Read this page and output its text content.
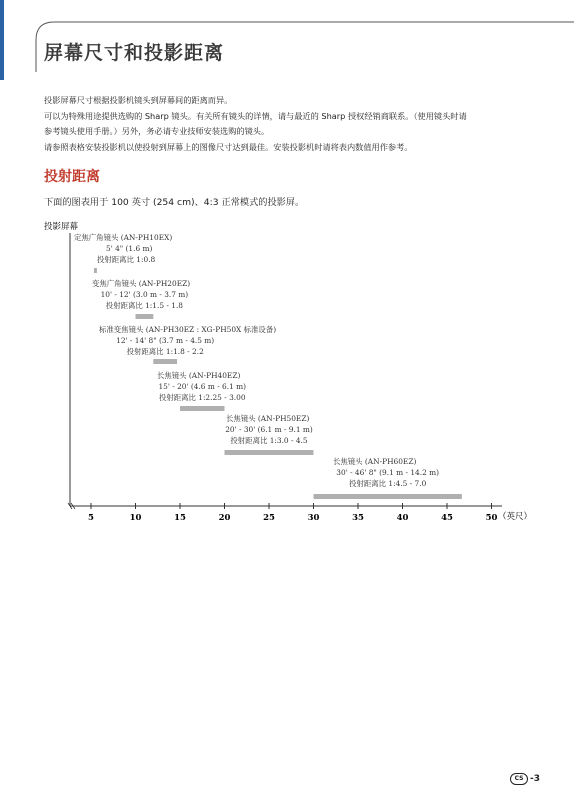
屏幕尺寸和投影距离
投影屏幕尺寸根据投影机镜头到屏幕间的距离而异。
可以为特殊用途提供选购的 Sharp 镜头。有关所有镜头的详情，请与最近的 Sharp 授权经销商联系。（使用镜头时请
参考镜头使用手册。）另外，务必请专业技师安装选购的镜头。
请参照表格安装投影机以使投射到屏幕上的图像尺寸达到最佳。安装投影机时请将表内数值用作参考。
投射距离
下面的图表用于 100 英寸 (254 cm)、4:3 正常模式的投影屏。
投影屏幕
5	10	15	20	25	30	35	40	45	50
定焦广角镜头 (AN-PH10EX)
5' 4" (1.6 m)
投射距离比 1:0.8
变焦广角镜头 (AN-PH20EZ)
10' - 12' (3.0 m - 3.7 m)
投射距离比 1:1.5 - 1.8
标准变焦镜头 (AN-PH30EZ : XG-PH50X 标准设备)
12' - 14' 8" (3.7 m - 4.5 m)
投射距离比 1:1.8 - 2.2
长焦镜头 (AN-PH40EZ)
15' - 20' (4.6 m - 6.1 m)
投射距离比 1:2.25 - 3.00
长焦镜头 (AN-PH50EZ)
20' - 30' (6.1 m - 9.1 m)
投射距离比 1:3.0 - 4.5
长焦镜头 (AN-PH60EZ)
30' - 46' 8" (9.1 m - 14.2 m)
投射距离比 1:4.5 - 7.0
（英尺）
CS -3
